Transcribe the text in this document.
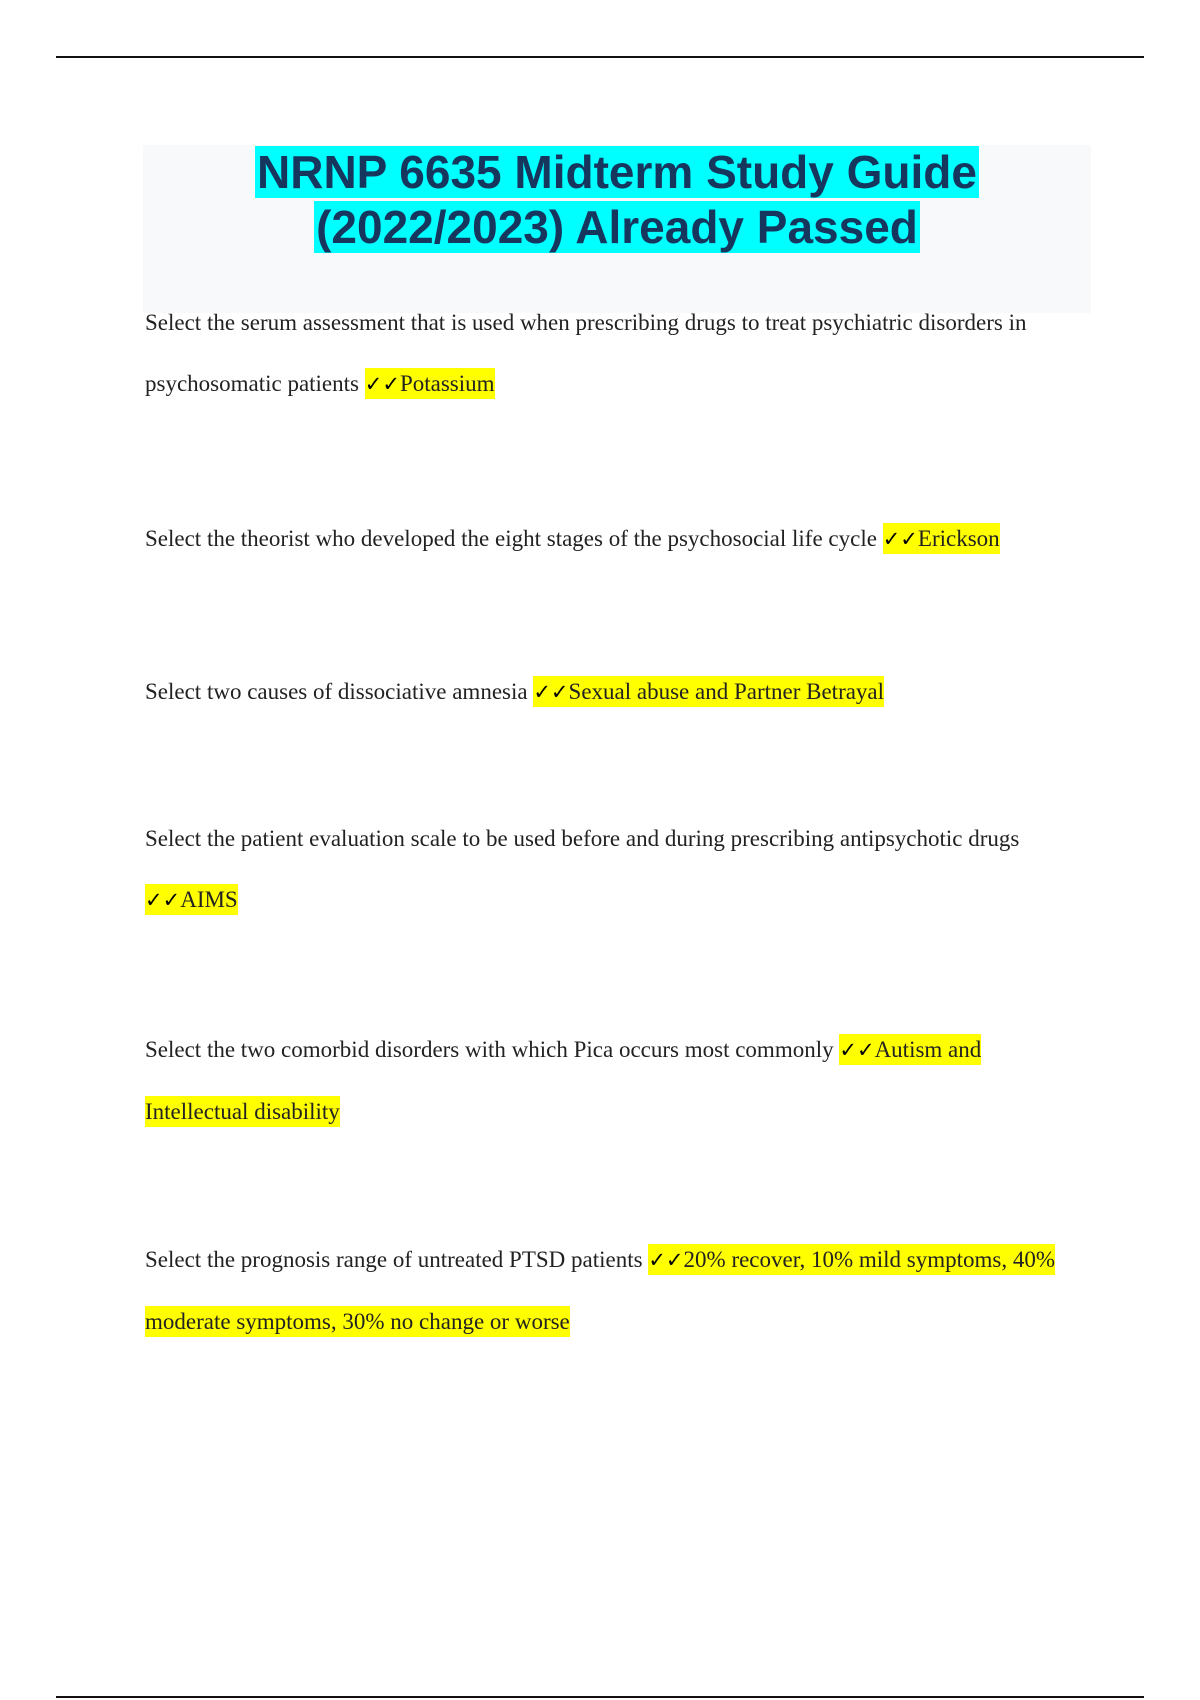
NRNP 6635 Midterm Study Guide
(2022/2023) Already Passed

Select the serum assessment that is used when prescribing drugs to treat psychiatric disorders in psychosomatic patients ✓✓Potassium

Select the theorist who developed the eight stages of the psychosocial life cycle ✓✓Erickson

Select two causes of dissociative amnesia ✓✓Sexual abuse and Partner Betrayal

Select the patient evaluation scale to be used before and during prescribing antipsychotic drugs ✓✓AIMS

Select the two comorbid disorders with which Pica occurs most commonly ✓✓Autism and Intellectual disability

Select the prognosis range of untreated PTSD patients ✓✓20% recover, 10% mild symptoms, 40% moderate symptoms, 30% no change or worse
